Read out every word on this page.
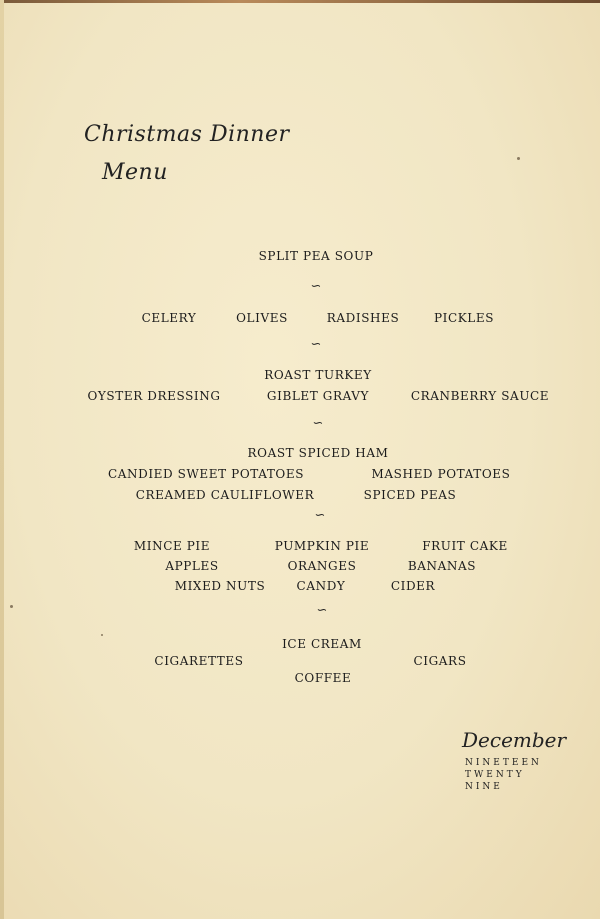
Christmas Dinner
Menu
SPLIT PEA SOUP
∽
CELERY	OLIVES	RADISHES	PICKLES
∽
ROAST TURKEY
OYSTER DRESSING	GIBLET GRAVY	CRANBERRY SAUCE
∽
ROAST SPICED HAM
CANDIED SWEET POTATOES	MASHED POTATOES
CREAMED CAULIFLOWER	SPICED PEAS
∽
MINCE PIE	PUMPKIN PIE	FRUIT CAKE
APPLES	ORANGES	BANANAS
MIXED NUTS	CANDY	CIDER
∽
ICE CREAM
CIGARETTES	CIGARS
COFFEE
December
NINETEEN
TWENTY
NINE
